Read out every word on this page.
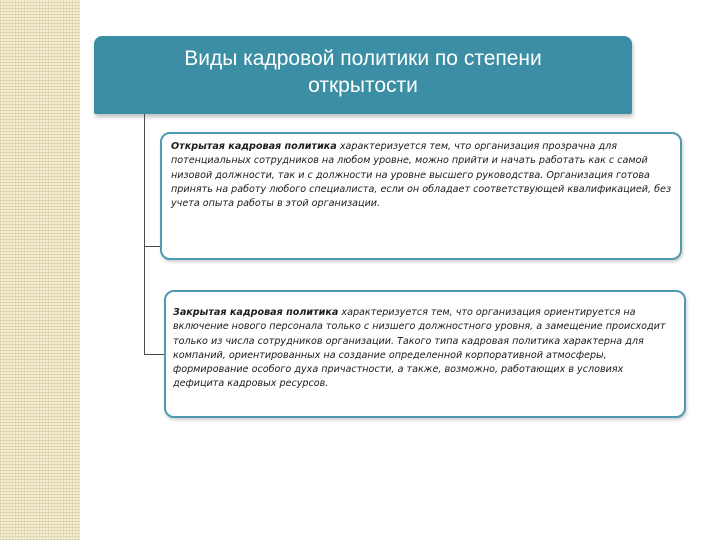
Виды кадровой политики по степени
открытости
Открытая кадровая политика характеризуется тем, что организация прозрачна для потенциальных сотрудников на любом уровне, можно прийти и начать работать как с самой низовой должности, так и с должности на уровне высшего руководства. Организация готова принять на работу любого специалиста, если он обладает соответствующей квалификацией, без учета опыта работы в этой организации.
Закрытая кадровая политика характеризуется тем, что организация ориентируется на включение нового персонала только с низшего должностного уровня, а замещение происходит только из числа сотрудников организации. Такого типа кадровая политика характерна для компаний, ориентированных на создание определенной корпоративной атмосферы, формирование особого духа причастности, а также, возможно, работающих в условиях дефицита кадровых ресурсов.
